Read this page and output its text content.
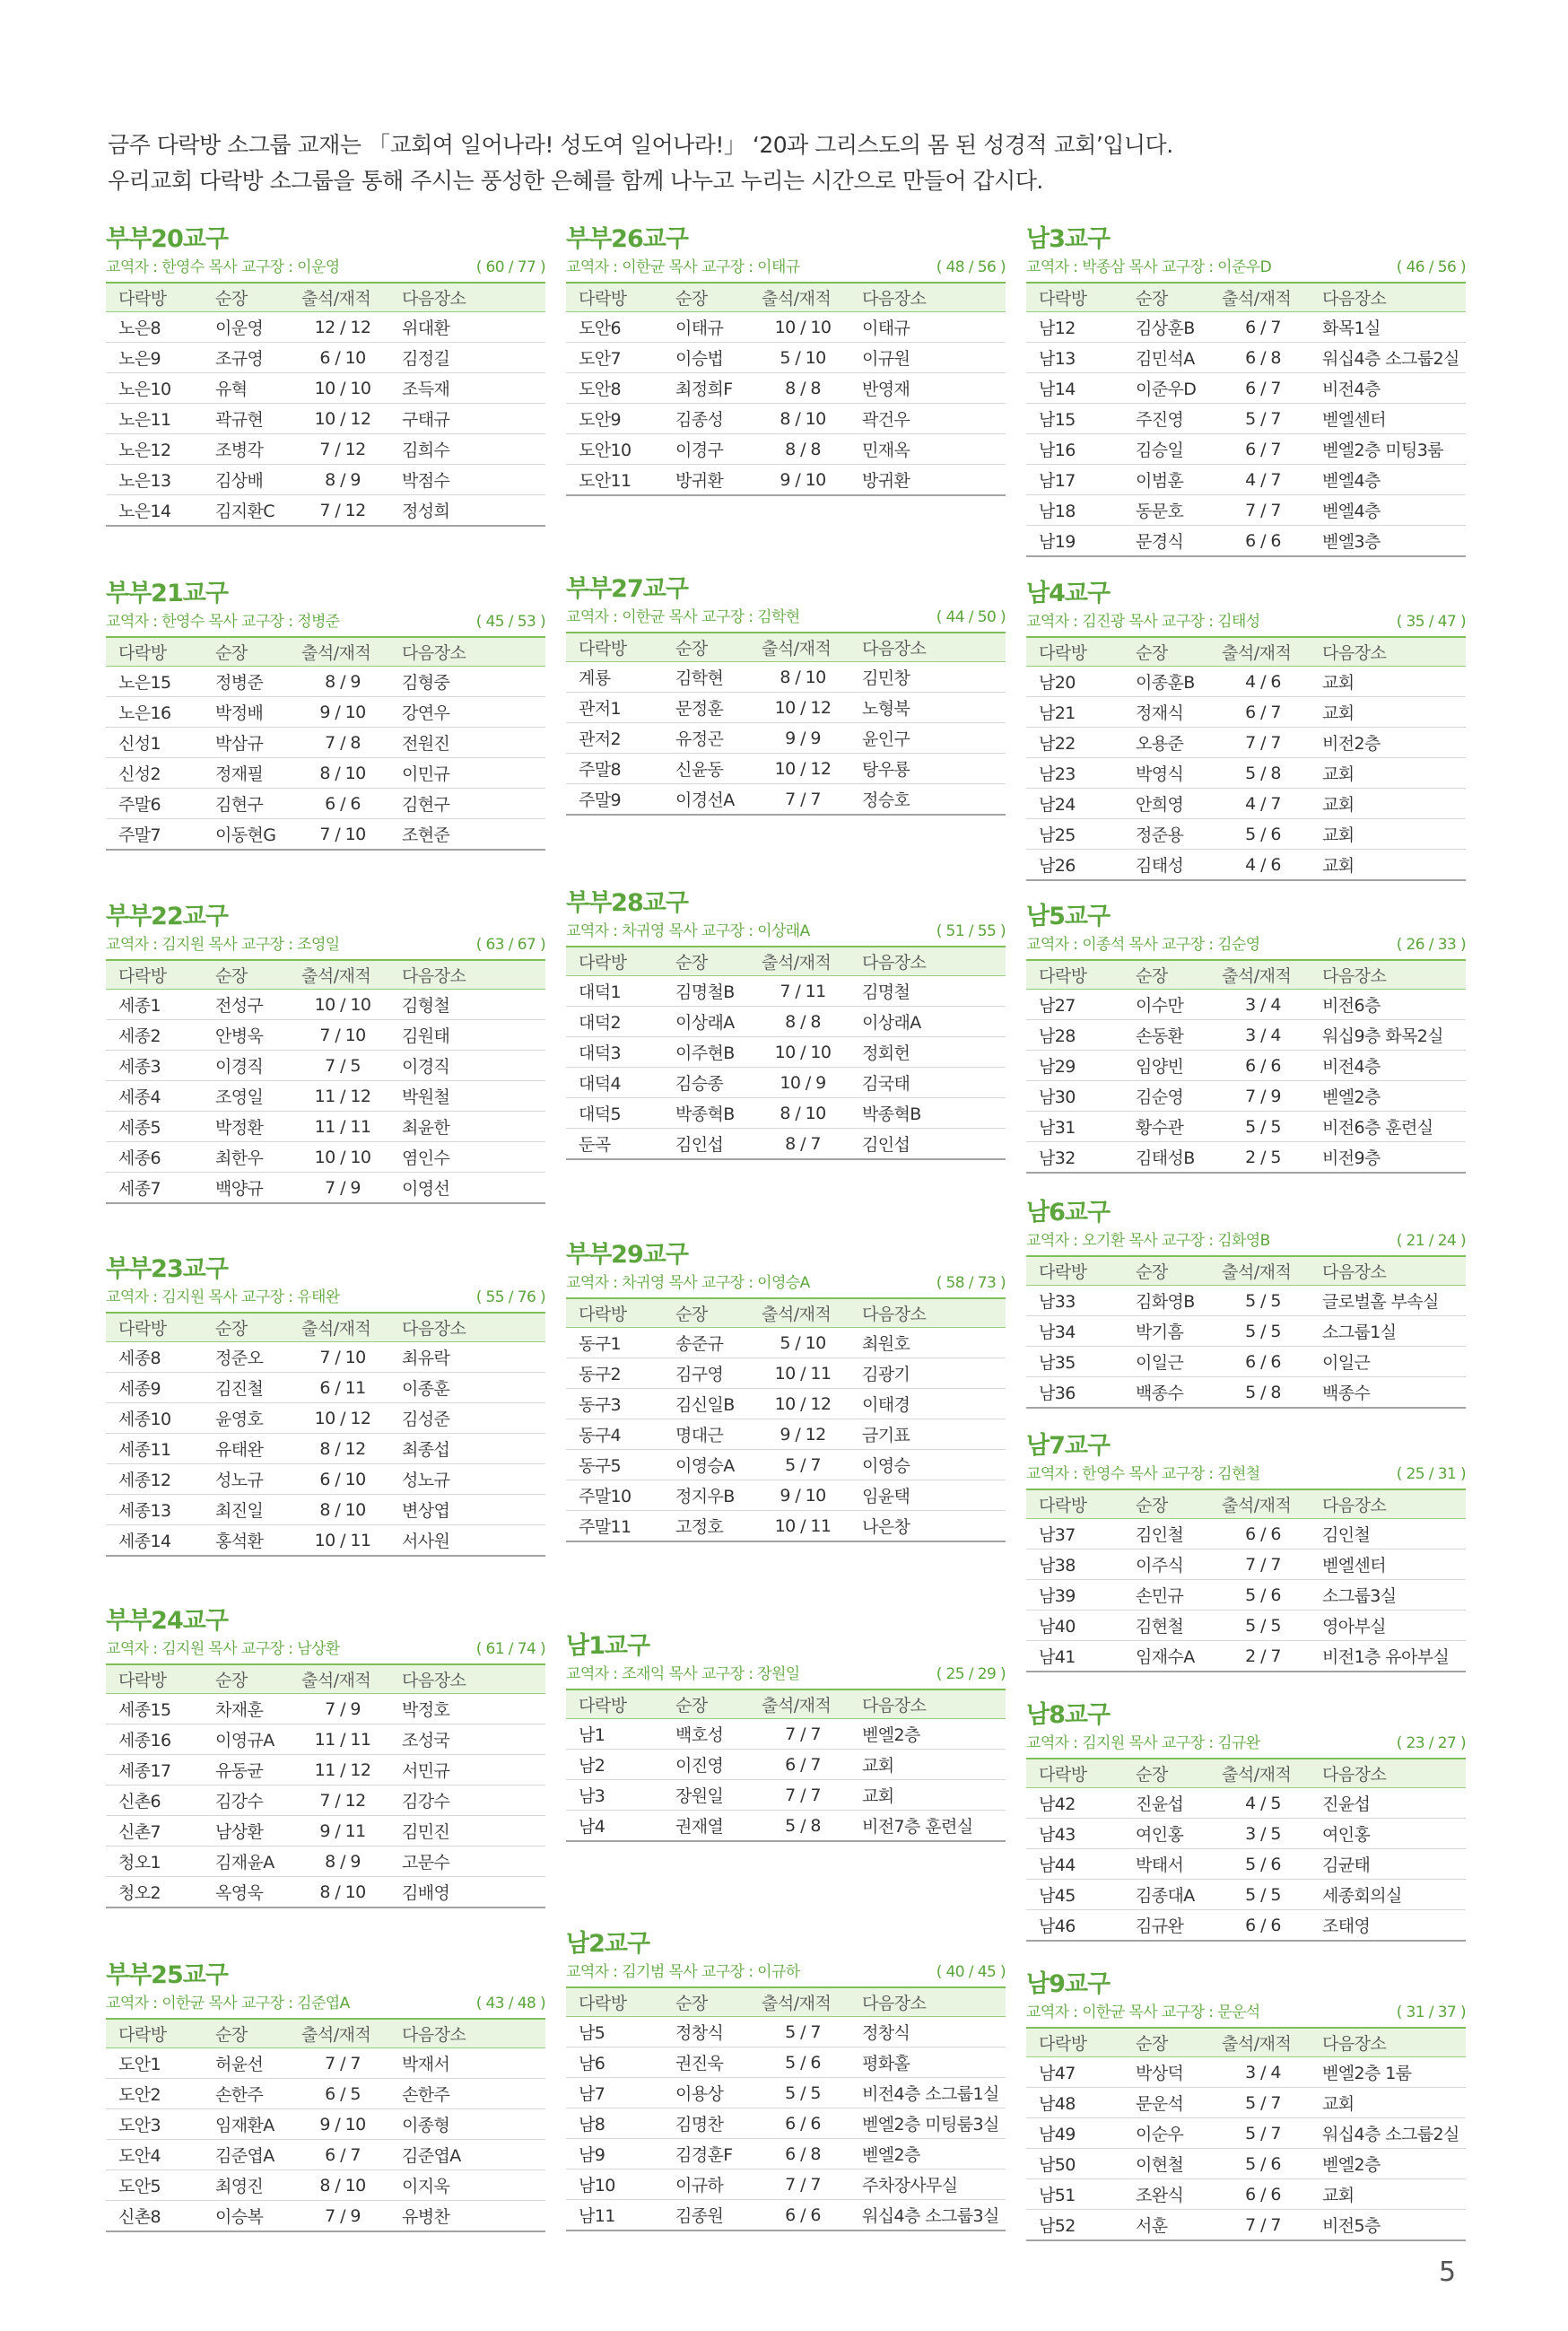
금주 다락방 소그룹 교재는 「교회여 일어나라! 성도여 일어나라!」 ‘20과 그리스도의 몸 된 성경적 교회’입니다.
우리교회 다락방 소그룹을 통해 주시는 풍성한 은혜를 함께 나누고 누리는 시간으로 만들어 갑시다.
부부20교구
교역자 : 한영수 목사 교구장 : 이운영	( 60 / 77 )
다락방	순장	출석/재적	다음장소
노은8	이운영	12 / 12	위대환
노은9	조규영	6 / 10	김정길
노은10	유혁	10 / 10	조득재
노은11	곽규현	10 / 12	구태규
노은12	조병각	7 / 12	김희수
노은13	김상배	8 / 9	박점수
노은14	김지환C	7 / 12	정성희
부부21교구
교역자 : 한영수 목사 교구장 : 정병준	( 45 / 53 )
다락방	순장	출석/재적	다음장소
노은15	정병준	8 / 9	김형중
노은16	박정배	9 / 10	강연우
신성1	박삼규	7 / 8	전원진
신성2	정재필	8 / 10	이민규
주말6	김현구	6 / 6	김현구
주말7	이동현G	7 / 10	조현준
부부22교구
교역자 : 김지원 목사 교구장 : 조영일	( 63 / 67 )
다락방	순장	출석/재적	다음장소
세종1	전성구	10 / 10	김형철
세종2	안병욱	7 / 10	김원태
세종3	이경직	7 / 5	이경직
세종4	조영일	11 / 12	박원철
세종5	박정환	11 / 11	최윤한
세종6	최한우	10 / 10	염인수
세종7	백양규	7 / 9	이영선
부부23교구
교역자 : 김지원 목사 교구장 : 유태완	( 55 / 76 )
다락방	순장	출석/재적	다음장소
세종8	정준오	7 / 10	최유락
세종9	김진철	6 / 11	이종훈
세종10	윤영호	10 / 12	김성준
세종11	유태완	8 / 12	최종섭
세종12	성노규	6 / 10	성노규
세종13	최진일	8 / 10	변상엽
세종14	홍석환	10 / 11	서사원
부부24교구
교역자 : 김지원 목사 교구장 : 남상환	( 61 / 74 )
다락방	순장	출석/재적	다음장소
세종15	차재훈	7 / 9	박정호
세종16	이영규A	11 / 11	조성국
세종17	유동균	11 / 12	서민규
신촌6	김강수	7 / 12	김강수
신촌7	남상환	9 / 11	김민진
청오1	김재윤A	8 / 9	고문수
청오2	옥영욱	8 / 10	김배영
부부25교구
교역자 : 이한균 목사 교구장 : 김준엽A	( 43 / 48 )
다락방	순장	출석/재적	다음장소
도안1	허윤선	7 / 7	박재서
도안2	손한주	6 / 5	손한주
도안3	임재환A	9 / 10	이종형
도안4	김준엽A	6 / 7	김준엽A
도안5	최영진	8 / 10	이지욱
신촌8	이승복	7 / 9	유병찬
부부26교구
교역자 : 이한균 목사 교구장 : 이태규	( 48 / 56 )
다락방	순장	출석/재적	다음장소
도안6	이태규	10 / 10	이태규
도안7	이승법	5 / 10	이규원
도안8	최정희F	8 / 8	반영재
도안9	김종성	8 / 10	곽건우
도안10	이경구	8 / 8	민재옥
도안11	방귀환	9 / 10	방귀환
부부27교구
교역자 : 이한균 목사 교구장 : 김학현	( 44 / 50 )
다락방	순장	출석/재적	다음장소
계룡	김학현	8 / 10	김민창
관저1	문정훈	10 / 12	노형북
관저2	유정곤	9 / 9	윤인구
주말8	신윤동	10 / 12	탕우룡
주말9	이경선A	7 / 7	정승호
부부28교구
교역자 : 차귀영 목사 교구장 : 이상래A	( 51 / 55 )
다락방	순장	출석/재적	다음장소
대덕1	김명철B	7 / 11	김명철
대덕2	이상래A	8 / 8	이상래A
대덕3	이주현B	10 / 10	정회헌
대덕4	김승종	10 / 9	김국태
대덕5	박종혁B	8 / 10	박종혁B
둔곡	김인섭	8 / 7	김인섭
부부29교구
교역자 : 차귀영 목사 교구장 : 이영승A	( 58 / 73 )
다락방	순장	출석/재적	다음장소
동구1	송준규	5 / 10	최원호
동구2	김구영	10 / 11	김광기
동구3	김신일B	10 / 12	이태경
동구4	명대근	9 / 12	금기표
동구5	이영승A	5 / 7	이영승
주말10	정지우B	9 / 10	임윤택
주말11	고정호	10 / 11	나은창
남1교구
교역자 : 조재익 목사 교구장 : 장원일	( 25 / 29 )
다락방	순장	출석/재적	다음장소
남1	백호성	7 / 7	벧엘2층
남2	이진영	6 / 7	교회
남3	장원일	7 / 7	교회
남4	권재열	5 / 8	비전7층 훈련실
남2교구
교역자 : 김기범 목사 교구장 : 이규하	( 40 / 45 )
다락방	순장	출석/재적	다음장소
남5	정창식	5 / 7	정창식
남6	권진욱	5 / 6	평화홀
남7	이용상	5 / 5	비전4층 소그룹1실
남8	김명찬	6 / 6	벧엘2층 미팅룸3실
남9	김경훈F	6 / 8	벧엘2층
남10	이규하	7 / 7	주차장사무실
남11	김종원	6 / 6	워십4층 소그룹3실
남3교구
교역자 : 박종삼 목사 교구장 : 이준우D	( 46 / 56 )
다락방	순장	출석/재적	다음장소
남12	김상훈B	6 / 7	화목1실
남13	김민석A	6 / 8	워십4층 소그룹2실
남14	이준우D	6 / 7	비전4층
남15	주진영	5 / 7	벧엘센터
남16	김승일	6 / 7	벧엘2층 미팅3룸
남17	이범훈	4 / 7	벧엘4층
남18	동문호	7 / 7	벧엘4층
남19	문경식	6 / 6	벧엘3층
남4교구
교역자 : 김진광 목사 교구장 : 김태성	( 35 / 47 )
다락방	순장	출석/재적	다음장소
남20	이종훈B	4 / 6	교회
남21	정재식	6 / 7	교회
남22	오용준	7 / 7	비전2층
남23	박영식	5 / 8	교회
남24	안희영	4 / 7	교회
남25	정준용	5 / 6	교회
남26	김태성	4 / 6	교회
남5교구
교역자 : 이종석 목사 교구장 : 김순영	( 26 / 33 )
다락방	순장	출석/재적	다음장소
남27	이수만	3 / 4	비전6층
남28	손동환	3 / 4	워십9층 화목2실
남29	임양빈	6 / 6	비전4층
남30	김순영	7 / 9	벧엘2층
남31	황수관	5 / 5	비전6층 훈련실
남32	김태성B	2 / 5	비전9층
남6교구
교역자 : 오기환 목사 교구장 : 김화영B	( 21 / 24 )
다락방	순장	출석/재적	다음장소
남33	김화영B	5 / 5	글로벌홀 부속실
남34	박기흠	5 / 5	소그룹1실
남35	이일근	6 / 6	이일근
남36	백종수	5 / 8	백종수
남7교구
교역자 : 한영수 목사 교구장 : 김현철	( 25 / 31 )
다락방	순장	출석/재적	다음장소
남37	김인철	6 / 6	김인철
남38	이주식	7 / 7	벧엘센터
남39	손민규	5 / 6	소그룹3실
남40	김현철	5 / 5	영아부실
남41	임재수A	2 / 7	비전1층 유아부실
남8교구
교역자 : 김지원 목사 교구장 : 김규완	( 23 / 27 )
다락방	순장	출석/재적	다음장소
남42	진윤섭	4 / 5	진윤섭
남43	여인홍	3 / 5	여인홍
남44	박태서	5 / 6	김균태
남45	김종대A	5 / 5	세종회의실
남46	김규완	6 / 6	조태영
남9교구
교역자 : 이한균 목사 교구장 : 문운석	( 31 / 37 )
다락방	순장	출석/재적	다음장소
남47	박상덕	3 / 4	벧엘2층 1룸
남48	문운석	5 / 7	교회
남49	이순우	5 / 7	워십4층 소그룹2실
남50	이현철	5 / 6	벧엘2층
남51	조완식	6 / 6	교회
남52	서훈	7 / 7	비전5층
5
